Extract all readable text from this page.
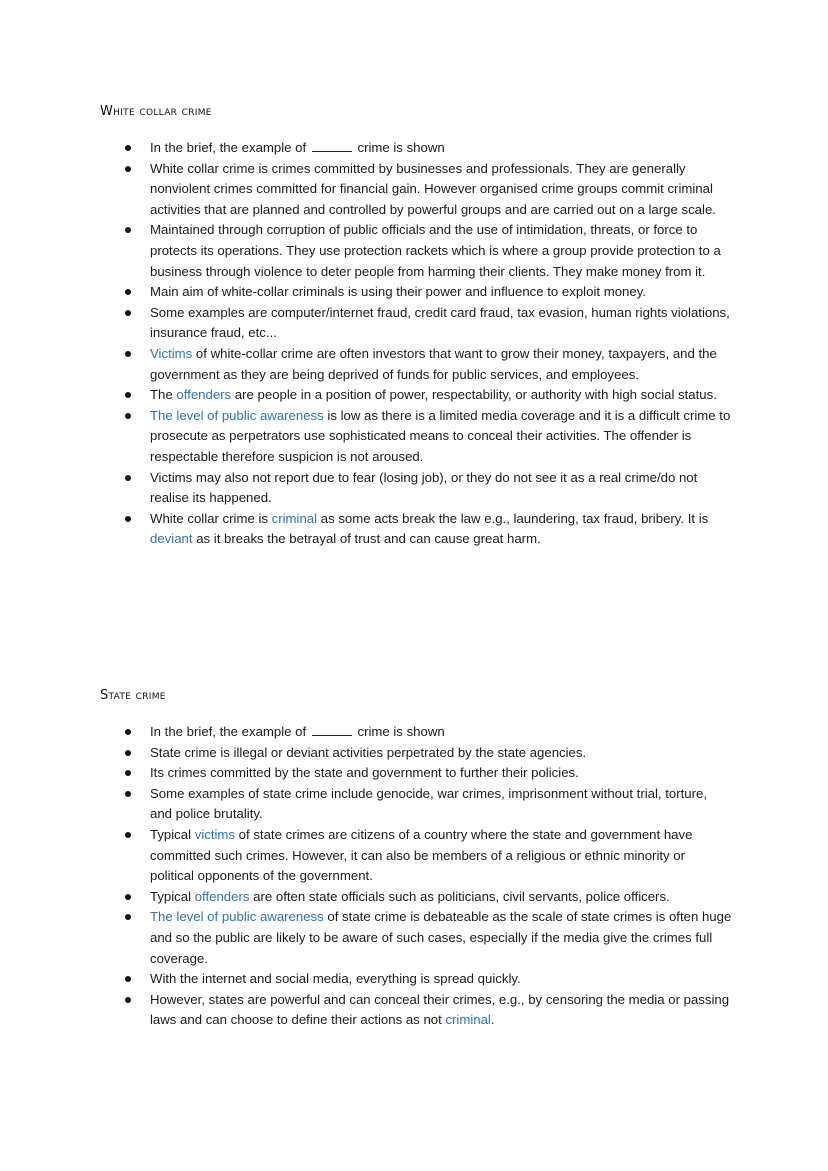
White collar crime
In the brief, the example of	crime is shown
White collar crime is crimes committed by businesses and professionals. They are generally nonviolent crimes committed for financial gain. However organised crime groups commit criminal activities that are planned and controlled by powerful groups and are carried out on a large scale.
Maintained through corruption of public officials and the use of intimidation, threats, or force to protects its operations. They use protection rackets which is where a group provide protection to a business through violence to deter people from harming their clients. They make money from it.
Main aim of white-collar criminals is using their power and influence to exploit money.
Some examples are computer/internet fraud, credit card fraud, tax evasion, human rights violations, insurance fraud, etc...
Victims of white-collar crime are often investors that want to grow their money, taxpayers, and the government as they are being deprived of funds for public services, and employees.
The offenders are people in a position of power, respectability, or authority with high social status.
The level of public awareness is low as there is a limited media coverage and it is a difficult crime to prosecute as perpetrators use sophisticated means to conceal their activities. The offender is respectable therefore suspicion is not aroused.
Victims may also not report due to fear (losing job), or they do not see it as a real crime/do not realise its happened.
White collar crime is criminal as some acts break the law e.g., laundering, tax fraud, bribery. It is deviant as it breaks the betrayal of trust and can cause great harm.
State crime
In the brief, the example of	crime is shown
State crime is illegal or deviant activities perpetrated by the state agencies.
Its crimes committed by the state and government to further their policies.
Some examples of state crime include genocide, war crimes, imprisonment without trial, torture, and police brutality.
Typical victims of state crimes are citizens of a country where the state and government have committed such crimes. However, it can also be members of a religious or ethnic minority or political opponents of the government.
Typical offenders are often state officials such as politicians, civil servants, police officers.
The level of public awareness of state crime is debateable as the scale of state crimes is often huge and so the public are likely to be aware of such cases, especially if the media give the crimes full coverage.
With the internet and social media, everything is spread quickly.
However, states are powerful and can conceal their crimes, e.g., by censoring the media or passing laws and can choose to define their actions as not criminal.
